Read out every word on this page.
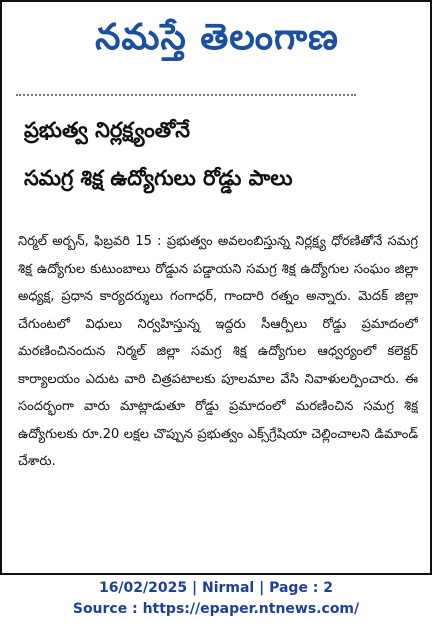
నమస్తే తెలంగాణ
ప్రభుత్వ నిర్లక్ష్యంతోనే
సమగ్ర శిక్ష ఉద్యోగులు రోడ్డు పాలు
నిర్మల్ అర్బన్, ఫిబ్రవరి 15 : ప్రభుత్వం అవలంబిస్తున్న నిర్లక్ష్య ధోరణితోనే సమగ్ర శిక్ష ఉద్యోగుల కుటుంబాలు రోడ్డున పడ్డాయని సమగ్ర శిక్ష ఉద్యోగుల సంఘం జిల్లా అధ్యక్ష, ప్రధాన కార్యదర్శులు గంగాధర్, గాందారి రత్నం అన్నారు. మెదక్ జిల్లా చేగుంటలో విధులు నిర్వహిస్తున్న ఇద్దరు సీఆర్పీలు రోడ్డు ప్రమాదంలో మరణించినందున నిర్మల్ జిల్లా సమగ్ర శిక్ష ఉద్యోగుల ఆధ్వర్యంలో కలెక్టర్ కార్యాలయం ఎదుట వారి చిత్రపటాలకు పూలమాల వేసి నివాళులర్పించారు. ఈ సందర్భంగా వారు మాట్లాడుతూ రోడ్డు ప్రమాదంలో మరణించిన సమగ్ర శిక్ష ఉద్యోగులకు రూ.20 లక్షల చొప్పున ప్రభుత్వం ఎక్స్‌గ్రేషియా చెల్లించాలని డిమాండ్ చేశారు.
16/02/2025 | Nirmal | Page : 2
Source : https://epaper.ntnews.com/
